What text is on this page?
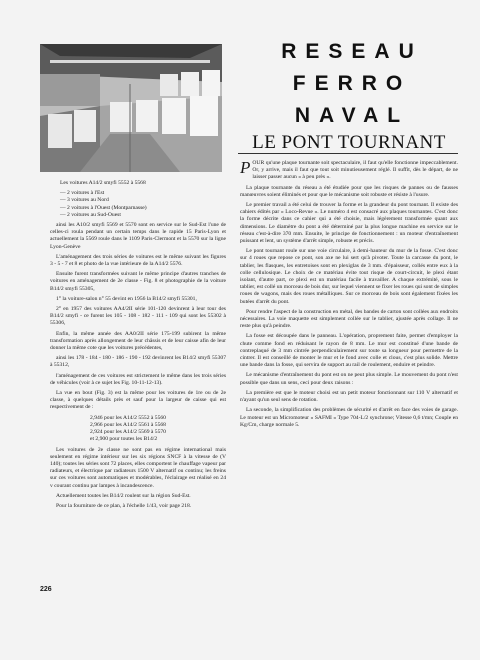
Les voitures A14/2 smyfi 5552 à 5568

— 2 voitures à l'Est
— 3 voitures au Nord
— 2 voitures à l'Ouest (Montparnasse)
— 2 voitures au Sud-Ouest

ainsi les A10/2 smyfi 5569 et 5570 sont en service sur le Sud-Est l'une de celles-ci roula pendant un certain temps dans le rapide 15 Paris-Lyon et actuellement la 5569 roule dans le 1109 Paris-Clermont et la 5570 sur la ligne Lyon-Genève

L'aménagement des trois séries de voitures est le même suivant les figures 3 - 5 - 7 et 8 et photo de la vue intérieure de la A14/2 5576.

Ensuite furent transformées suivant le même principe d'autres tranches de voitures en aménagement de 2e classe - Fig. 8 et photographie de la voiture B14/2 smyfi 55305,

1° la voiture-salon n° 55 devint en 1956 la B14/2 smyfi 55301,

2° en 1957 des voitures AA4/2II série 101-120 devinrent à leur tour des B14/2 smyfi - ce furent les 105 - 108 - 182 - 111 - 109 qui sont les 55302 à 55306,

Enfin, la même année des AA0/2II série 175-199 subirent la même transformation après allongement de leur châssis et de leur caisse afin de leur donner la même cote que les voitures précédentes,

ainsi les 178 - 184 - 180 - 186 - 190 - 192 devinrent les B14/2 smyfi 55307 à 55312,

l'aménagement de ces voitures est strictement le même dans les trois séries de véhicules (voir à ce sujet les Fig. 10-11-12-13).

La vue en bout (Fig. 3) est la même pour les voitures de 1re ou de 2e classe, à quelques détails près et sauf pour la largeur de caisse qui est respectivement de :

2,946 pour les A14/2 5552 à 5560
2,966 pour les A14/2 5561 à 5568
2,924 pour les A14/2 5569 à 5570
et 2,900 pour toutes les B14/2

Les voitures de 2e classe ne sont pas en régime international mais seulement en régime intérieur sur les six régions SNCF à la vitesse de (V 140); toutes les séries sont 72 places, elles comportent le chauffage vapeur par radiateurs, et électrique par radiateurs 1500 V alternatif ou continu; les freins sur ces voitures sont automatiques et modérables, l'éclairage est réalisé en 24 v courant continu par lampes à incandescence.

Actuellement toutes les B14/2 roulent sur la région Sud-Est.

Pour la fourniture de ce plan, à l'échelle 1/43, voir page 218.

RESEAU
FERRO
NAVAL
LE PONT TOURNANT

POUR qu'une plaque tournante soit spectaculaire, il faut qu'elle fonctionne impeccablement. Or, y arrive, mais il faut que tout soit minutieusement réglé. Il suffit, dès le départ, de ne laisser passer aucun « à peu près ».

La plaque tournante du réseau a été étudiée pour que les risques de pannes ou de fausses manœuvres soient éliminés et pour que le mécanisme soit robuste et résiste à l'usure.

Le premier travail a été celui de trouver la forme et la grandeur du pont tournant. Il existe des cahiers édités par « Loco-Revue ». Le numéro 4 est consacré aux plaques tournantes. C'est donc la forme décrite dans ce cahier qui a été choisie, mais légèrement transformée quant aux dimensions. Le diamètre du pont a été déterminé par la plus longue machine en service sur le réseau c'est-à-dire 370 mm. Ensuite, le principe de fonctionnement : un moteur d'entraînement puissant et lent, un système d'arrêt simple, robuste et précis.

Le pont tournant roule sur une voie circulaire, à demi-hauteur du mur de la fosse. C'est donc sur 4 roues que repose ce pont, son axe ne lui sert qu'à pivoter. Toute la carcasse du pont, le tablier, les flasques, les entretoises sont en plexiglas de 3 mm. d'épaisseur, collés entre eux à la colle cellulosique. Le choix de ce matériau évite tout risque de court-circuit, le plexi étant isolant, d'autre part, ce plexi est un matériau facile à travailler. A chaque extrémité, sous le tablier, est collé un morceau de bois dur, sur lequel viennent se fixer les roues qui sont de simples roues de wagons, mais des roues métalliques. Sur ce morceau de bois sont également fixées les butées d'arrêt du pont.

Pour rendre l'aspect de la construction en métal, des bandes de carton sont collées aux endroits nécessaires. La voie maquette est simplement collée sur le tablier, ajustée après collage. Il ne reste plus qu'à peindre.

La fosse est découpée dans le panneau. L'opération, proprement faite, permet d'employer la chute comme fond en réduisant le rayon de 8 mm. Le mur est constitué d'une bande de contreplaqué de 3 mm cintrée perpendiculairement sur toute sa longueur pour permettre de la cintrer. Il est conseillé de monter le mur et le fond avec colle et clous, c'est plus solide. Mettre une bande dans la fosse, qui servira de support au rail de roulement, enduire et peindre.

Le mécanisme d'entraînement du pont est on ne peut plus simple. Le mouvement du pont n'est possible que dans un sens, ceci pour deux raisons :

La première est que le moteur choisi est un petit moteur fonctionnant sur 110 V alternatif et n'ayant qu'un seul sens de rotation.

La seconde, la simplification des problèmes de sécurité et d'arrêt en face des voies de garage. Le moteur est un Micromoteur « SAFMI » Type 704-L/2 synchrone; Vitesse 0,6 t/mn; Couple en Kg/Cm, charge normale 5.

226
